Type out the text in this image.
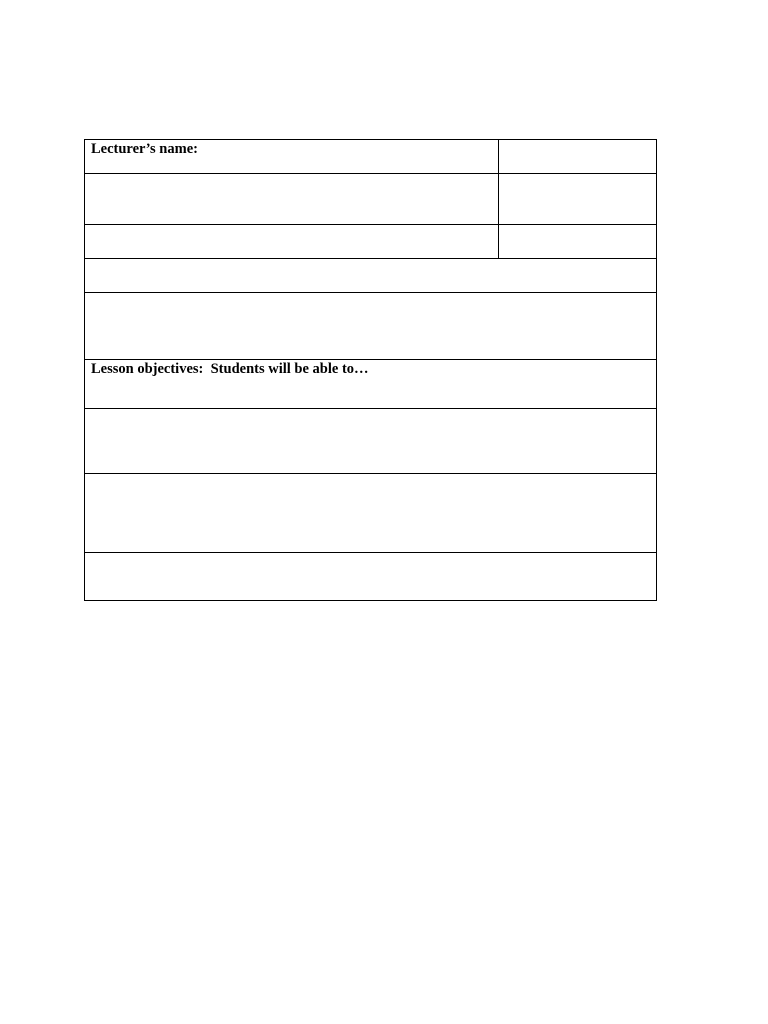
Lecturer’s name:	

Lesson objectives:  Students will be able to…	
